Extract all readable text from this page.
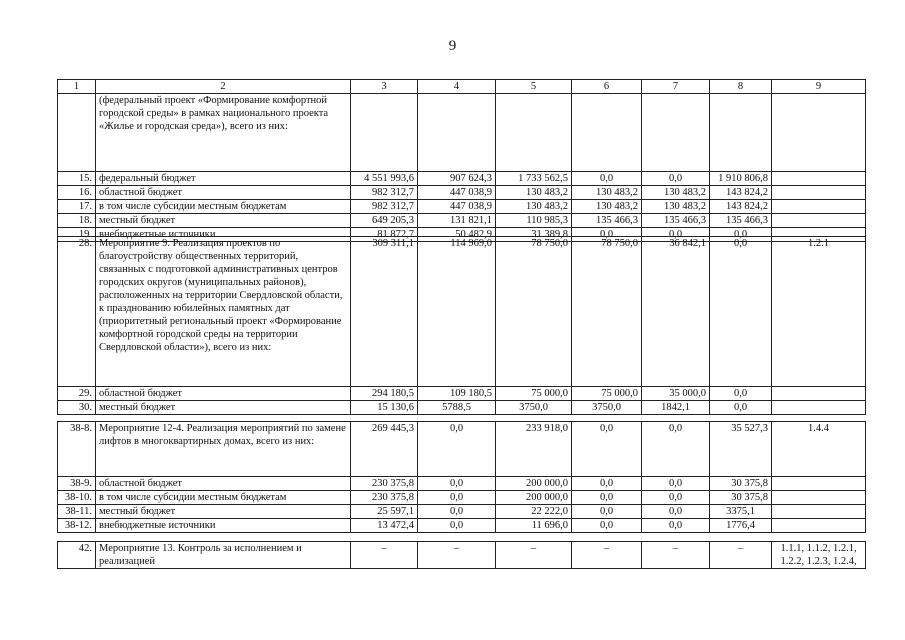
9
1	2	3	4	5	6	7	8	9
	(федеральный проект «Формирование комфортной городской среды» в рамках национального проекта «Жилье и городская среда»), всего из них:							
15.	федеральный бюджет	4 551 993,6	907 624,3	1 733 562,5	0,0	0,0	1 910 806,8	
16.	областной бюджет	982 312,7	447 038,9	130 483,2	130 483,2	130 483,2	143 824,2	
17.	в том числе субсидии местным бюджетам	982 312,7	447 038,9	130 483,2	130 483,2	130 483,2	143 824,2	
18.	местный бюджет	649 205,3	131 821,1	110 985,3	135 466,3	135 466,3	135 466,3	
19.	внебюджетные источники	81 872,7	50 482,9	31 389,8	0,0	0,0	0,0	
28.	Мероприятие 9. Реализация проектов по благоустройству общественных территорий, связанных с подготовкой административных центров городских округов (муниципальных районов), расположенных на территории Свердловской области, к празднованию юбилейных памятных дат (приоритетный региональный проект «Формирование комфортной городской среды на территории Свердловской области»), всего из них:	309 311,1	114 969,0	78 750,0	78 750,0	36 842,1	0,0	1.2.1
29.	областной бюджет	294 180,5	109 180,5	75 000,0	75 000,0	35 000,0	0,0	
30.	местный бюджет	15 130,6	5788,5	3750,0	3750,0	1842,1	0,0	
38-8.	Мероприятие 12-4. Реализация мероприятий по замене лифтов в многоквартирных домах, всего из них:	269 445,3	0,0	233 918,0	0,0	0,0	35 527,3	1.4.4
38-9.	областной бюджет	230 375,8	0,0	200 000,0	0,0	0,0	30 375,8	
38-10.	в том числе субсидии местным бюджетам	230 375,8	0,0	200 000,0	0,0	0,0	30 375,8	
38-11.	местный бюджет	25 597,1	0,0	22 222,0	0,0	0,0	3375,1	
38-12.	внебюджетные источники	13 472,4	0,0	11 696,0	0,0	0,0	1776,4	
42.	Мероприятие 13. Контроль за исполнением и реализацией	–	–	–	–	–	–	1.1.1, 1.1.2, 1.2.1, 1.2.2, 1.2.3, 1.2.4,
